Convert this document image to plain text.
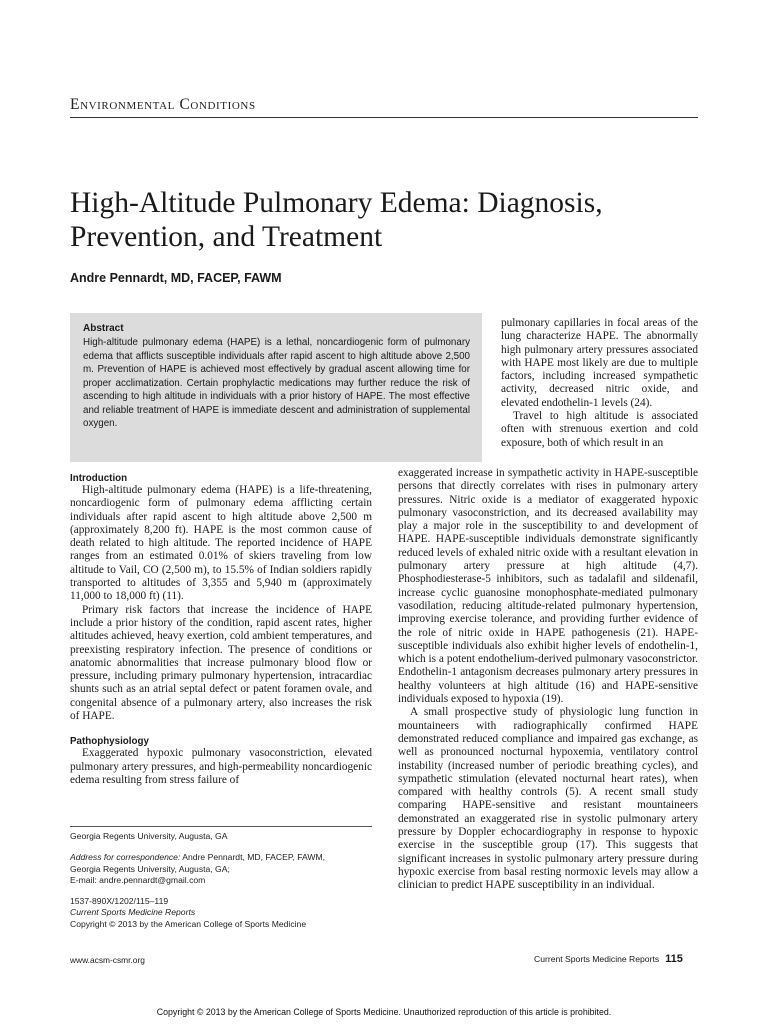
Environmental Conditions
High-Altitude Pulmonary Edema: Diagnosis, Prevention, and Treatment
Andre Pennardt, MD, FACEP, FAWM
Abstract
High-altitude pulmonary edema (HAPE) is a lethal, noncardiogenic form of pulmonary edema that afflicts susceptible individuals after rapid ascent to high altitude above 2,500 m. Prevention of HAPE is achieved most effectively by gradual ascent allowing time for proper acclimatization. Certain prophylactic medications may further reduce the risk of ascending to high altitude in individuals with a prior history of HAPE. The most effective and reliable treatment of HAPE is immediate descent and administration of supplemental oxygen.
Introduction

High-altitude pulmonary edema (HAPE) is a life-threatening, noncardiogenic form of pulmonary edema afflicting certain individuals after rapid ascent to high altitude above 2,500 m (approximately 8,200 ft). HAPE is the most common cause of death related to high altitude. The reported incidence of HAPE ranges from an estimated 0.01% of skiers traveling from low altitude to Vail, CO (2,500 m), to 15.5% of Indian soldiers rapidly transported to altitudes of 3,355 and 5,940 m (approximately 11,000 to 18,000 ft) (11).

Primary risk factors that increase the incidence of HAPE include a prior history of the condition, rapid ascent rates, higher altitudes achieved, heavy exertion, cold ambient temperatures, and preexisting respiratory infection. The presence of conditions or anatomic abnormalities that increase pulmonary blood flow or pressure, including primary pulmonary hypertension, intracardiac shunts such as an atrial septal defect or patent foramen ovale, and congenital absence of a pulmonary artery, also increases the risk of HAPE.

Pathophysiology

Exaggerated hypoxic pulmonary vasoconstriction, elevated pulmonary artery pressures, and high-permeability noncardiogenic edema resulting from stress failure of

pulmonary capillaries in focal areas of the lung characterize HAPE. The abnormally high pulmonary artery pressures associated with HAPE most likely are due to multiple factors, including increased sympathetic activity, decreased nitric oxide, and elevated endothelin-1 levels (24).

Travel to high altitude is associated often with strenuous exertion and cold exposure, both of which result in an

exaggerated increase in sympathetic activity in HAPE-susceptible persons that directly correlates with rises in pulmonary artery pressures. Nitric oxide is a mediator of exaggerated hypoxic pulmonary vasoconstriction, and its decreased availability may play a major role in the susceptibility to and development of HAPE. HAPE-susceptible individuals demonstrate significantly reduced levels of exhaled nitric oxide with a resultant elevation in pulmonary artery pressure at high altitude (4,7). Phosphodiesterase-5 inhibitors, such as tadalafil and sildenafil, increase cyclic guanosine monophosphate-mediated pulmonary vasodilation, reducing altitude-related pulmonary hypertension, improving exercise tolerance, and providing further evidence of the role of nitric oxide in HAPE pathogenesis (21). HAPE-susceptible individuals also exhibit higher levels of endothelin-1, which is a potent endothelium-derived pulmonary vasoconstrictor. Endothelin-1 antagonism decreases pulmonary artery pressures in healthy volunteers at high altitude (16) and HAPE-sensitive individuals exposed to hypoxia (19).

A small prospective study of physiologic lung function in mountaineers with radiographically confirmed HAPE demonstrated reduced compliance and impaired gas exchange, as well as pronounced nocturnal hypoxemia, ventilatory control instability (increased number of periodic breathing cycles), and sympathetic stimulation (elevated nocturnal heart rates), when compared with healthy controls (5). A recent small study comparing HAPE-sensitive and resistant mountaineers demonstrated an exaggerated rise in systolic pulmonary artery pressure by Doppler echocardiography in response to hypoxic exercise in the susceptible group (17). This suggests that significant increases in systolic pulmonary artery pressure during hypoxic exercise from basal resting normoxic levels may allow a clinician to predict HAPE susceptibility in an individual.

Georgia Regents University, Augusta, GA
Address for correspondence: Andre Pennardt, MD, FACEP, FAWM,
Georgia Regents University, Augusta, GA;
E-mail: andre.pennardt@gmail.com
1537-890X/1202/115–119
Current Sports Medicine Reports
Copyright © 2013 by the American College of Sports Medicine
www.acsm-csmr.org	Current Sports Medicine Reports 115
Copyright © 2013 by the American College of Sports Medicine. Unauthorized reproduction of this article is prohibited.
